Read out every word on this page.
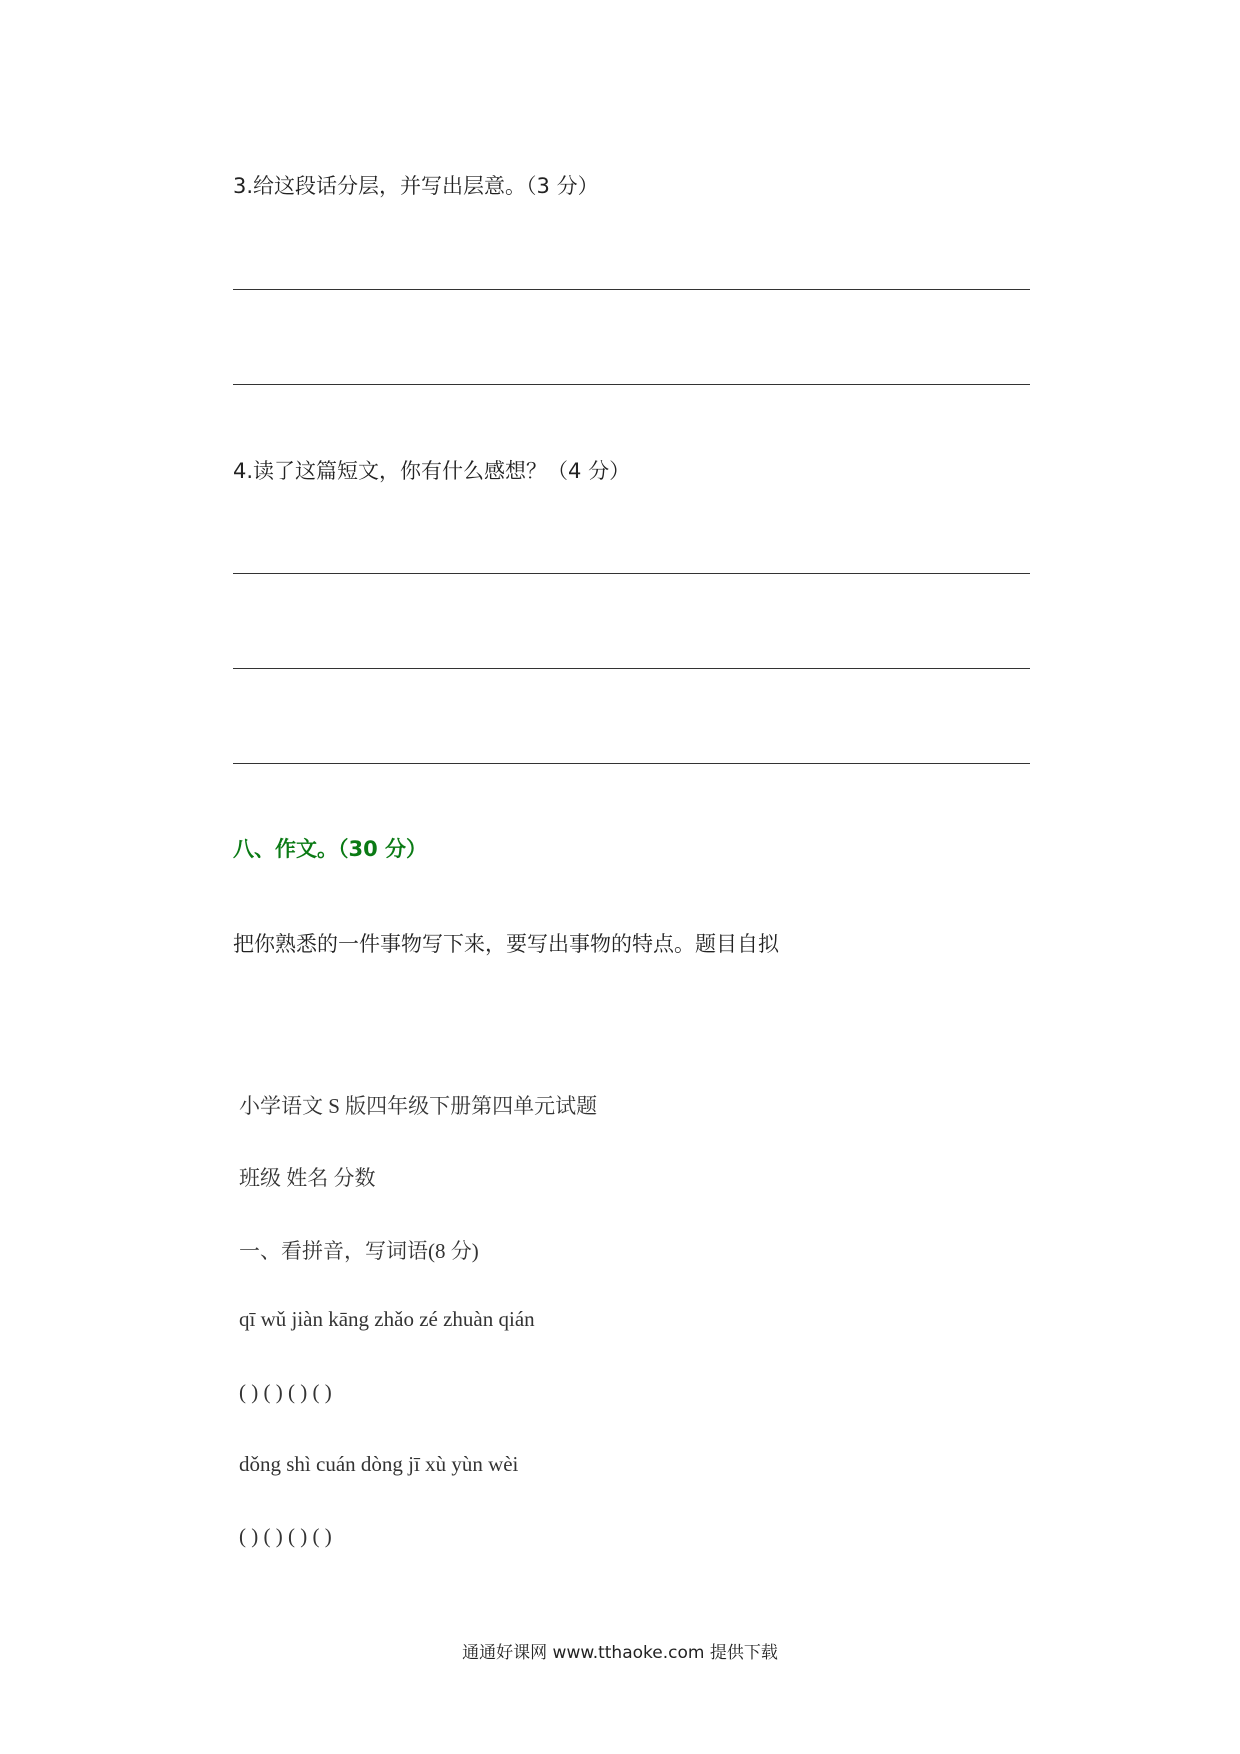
3.给这段话分层，并写出层意。（3 分）
4.读了这篇短文，你有什么感想？（4 分）
八、作文。（30 分）
把你熟悉的一件事物写下来，要写出事物的特点。题目自拟
小学语文 S 版四年级下册第四单元试题
班级 姓名 分数
一、看拼音，写词语(8 分)
qī wǔ jiàn kāng zhǎo zé zhuàn qián
( ) ( ) ( ) ( )
dǒng shì cuán dòng jī xù yùn wèi
( ) ( ) ( ) ( )
通通好课网 www.tthaoke.com 提供下载
